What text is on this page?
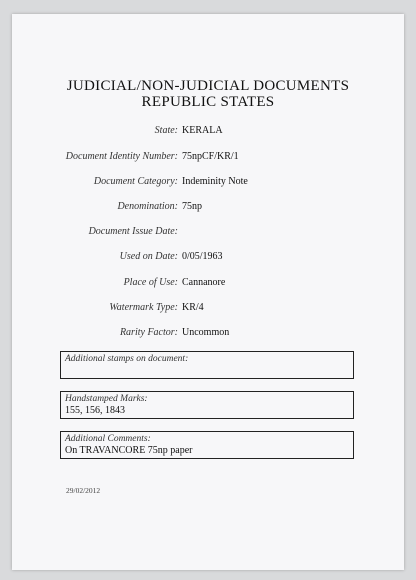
JUDICIAL/NON-JUDICIAL DOCUMENTS
REPUBLIC STATES
State: KERALA
Document Identity Number: 75npCF/KR/1
Document Category: Indeminity Note
Denomination: 75np
Document Issue Date:
Used on Date: 0/05/1963
Place of Use: Cannanore
Watermark Type: KR/4
Rarity Factor: Uncommon
Additional stamps on document:
Handstamped Marks:
155, 156, 1843
Additional Comments:
On TRAVANCORE 75np paper
29/02/2012
